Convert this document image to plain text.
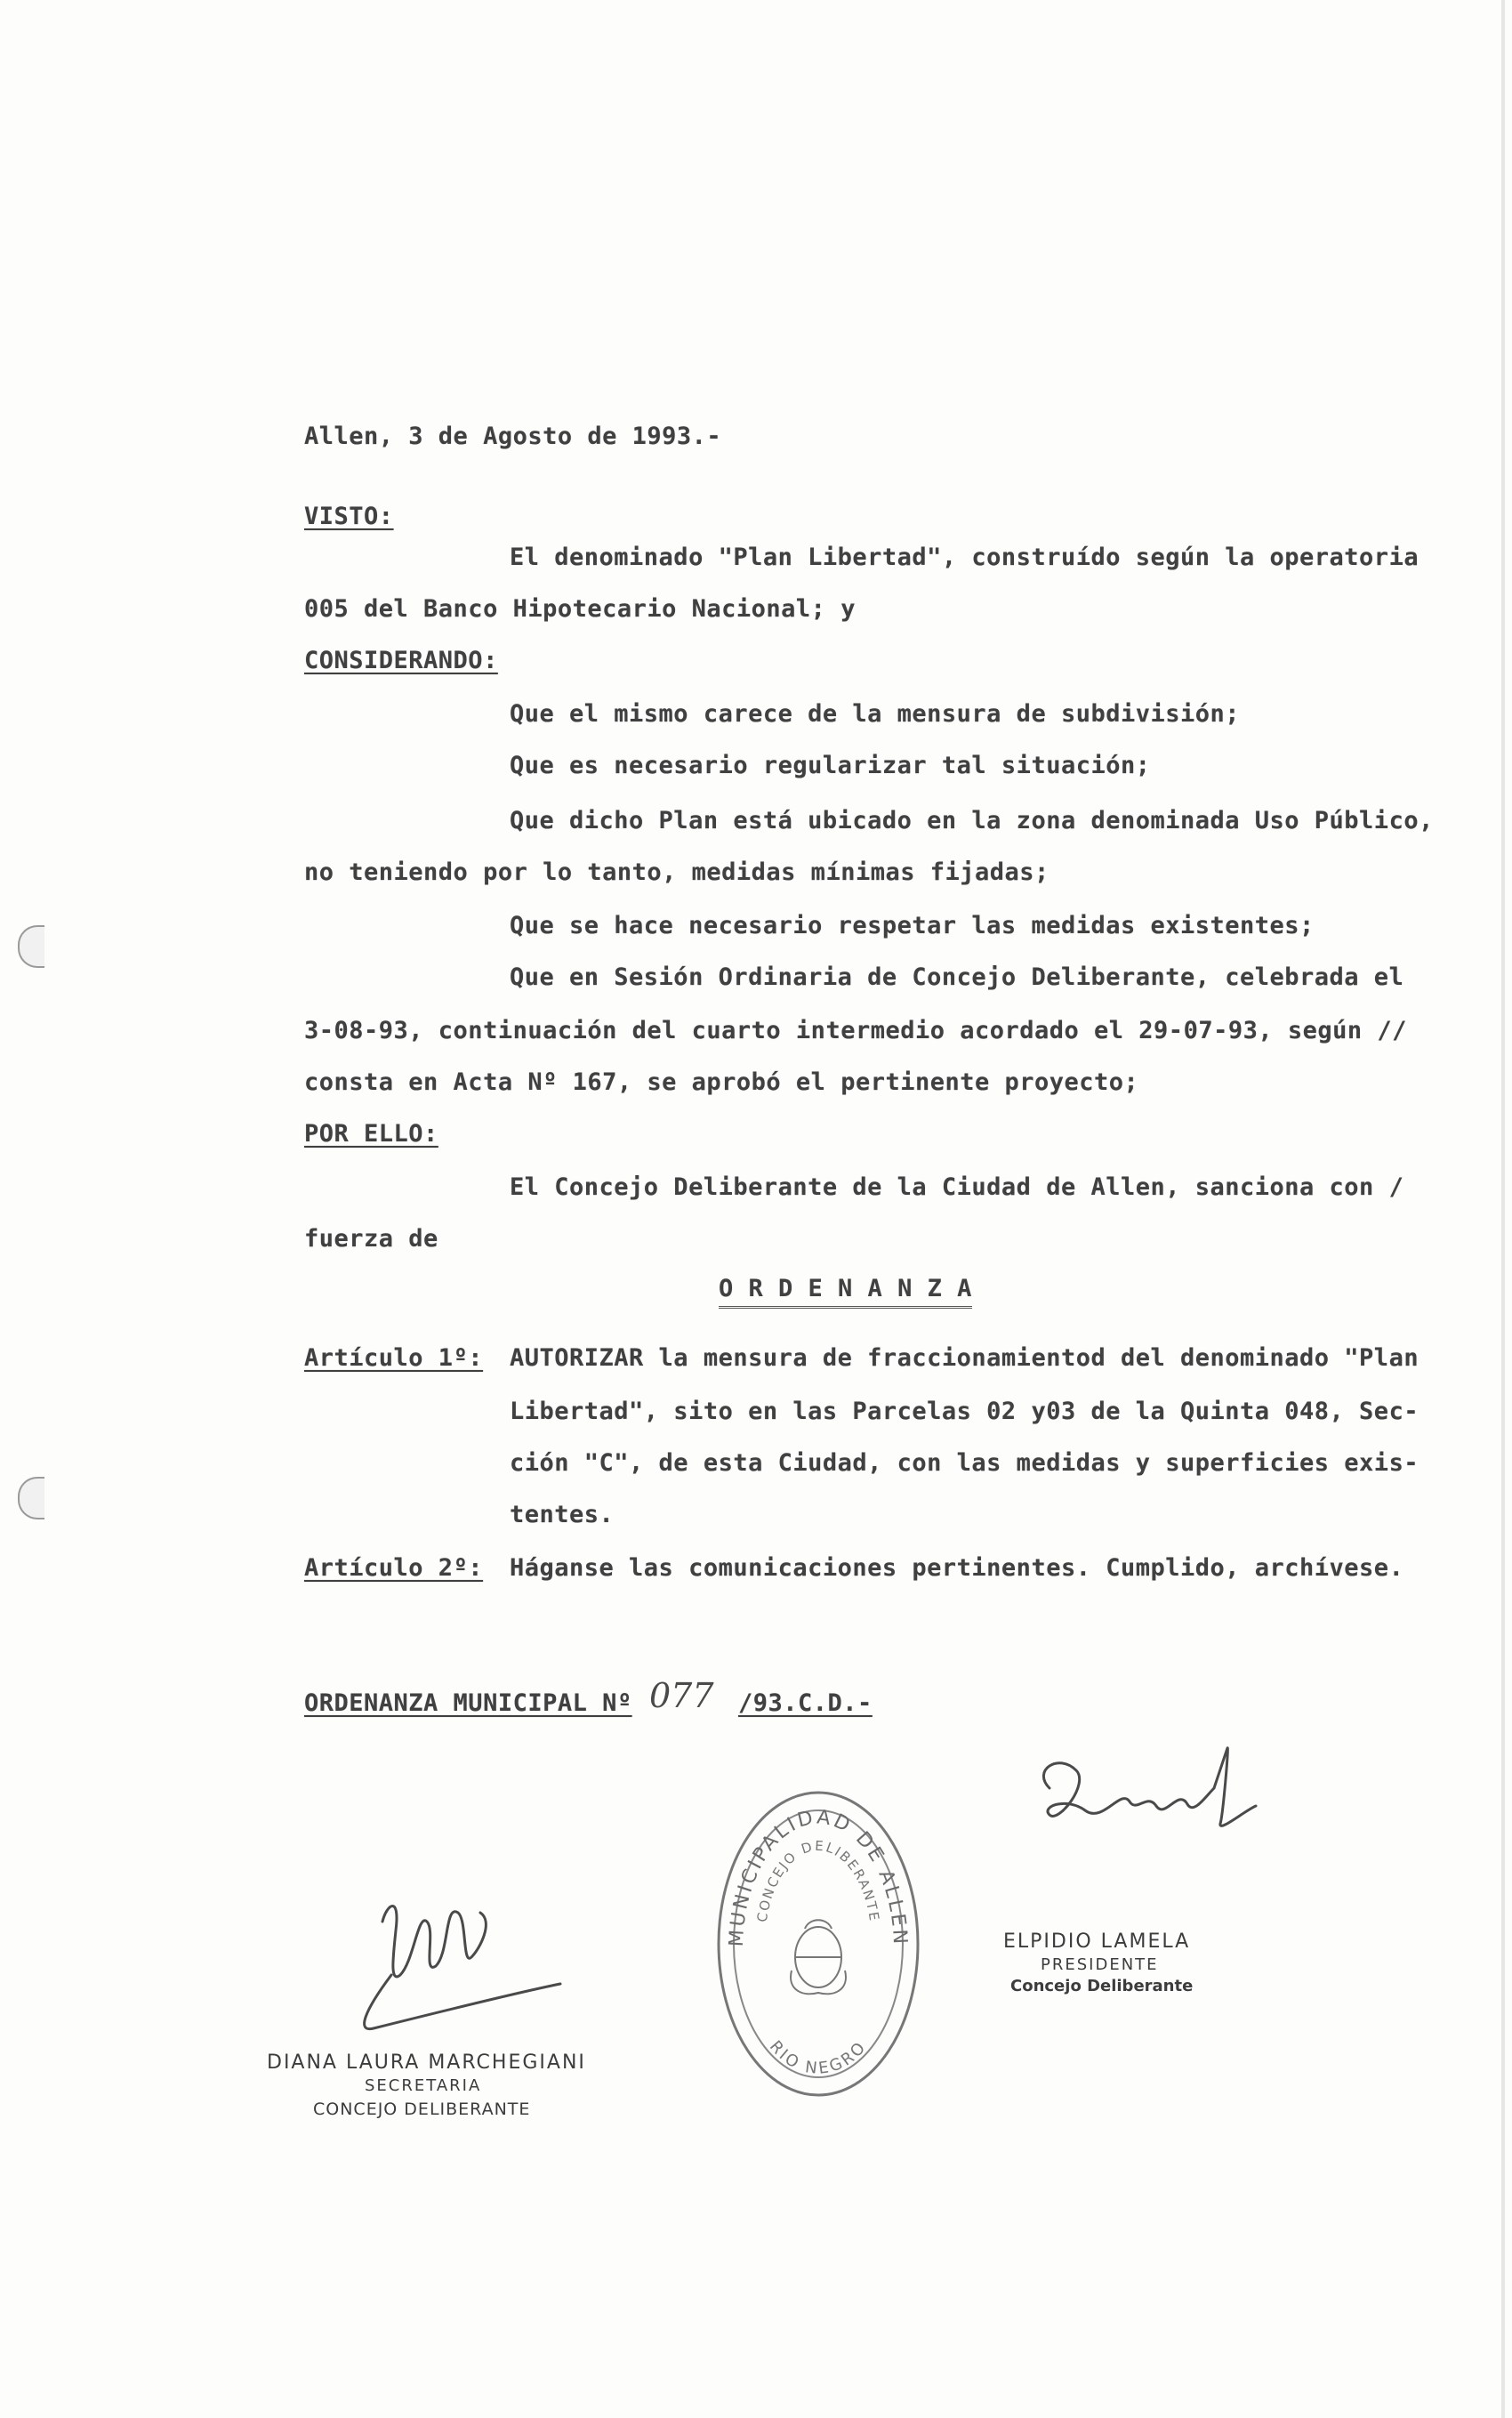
Allen, 3 de Agosto de 1993.-

VISTO:

El denominado "Plan Libertad", construído según la operatoria

005 del Banco Hipotecario Nacional; y

CONSIDERANDO:

Que el mismo carece de la mensura de subdivisión;

Que es necesario regularizar tal situación;

Que dicho Plan está ubicado en la zona denominada Uso Público,

no teniendo por lo tanto, medidas mínimas fijadas;

Que se hace necesario respetar las medidas existentes;

Que en Sesión Ordinaria de Concejo Deliberante, celebrada el

3-08-93, continuación del cuarto intermedio acordado el 29-07-93, según //

consta en Acta Nº 167, se aprobó el pertinente proyecto;

POR ELLO:

El Concejo Deliberante de la Ciudad de Allen, sanciona con /

fuerza de

O R D E N A N Z A

Artículo 1º: AUTORIZAR la mensura de fraccionamientod del denominado "Plan

Libertad", sito en las Parcelas 02 y03 de la Quinta 048, Sec-

ción "C", de esta Ciudad, con las medidas y superficies exis-

tentes.

Artículo 2º: Háganse las comunicaciones pertinentes. Cumplido, archívese.

ORDENANZA MUNICIPAL Nº 077 /93.C.D.-

ELPIDIO LAMELA

PRESIDENTE

Concejo Deliberante

DIANA LAURA MARCHEGIANI

SECRETARIA

CONCEJO DELIBERANTE

MUNICIPALIDAD DE ALLEN
CONCEJO DELIBERANTE
RIO NEGRO
